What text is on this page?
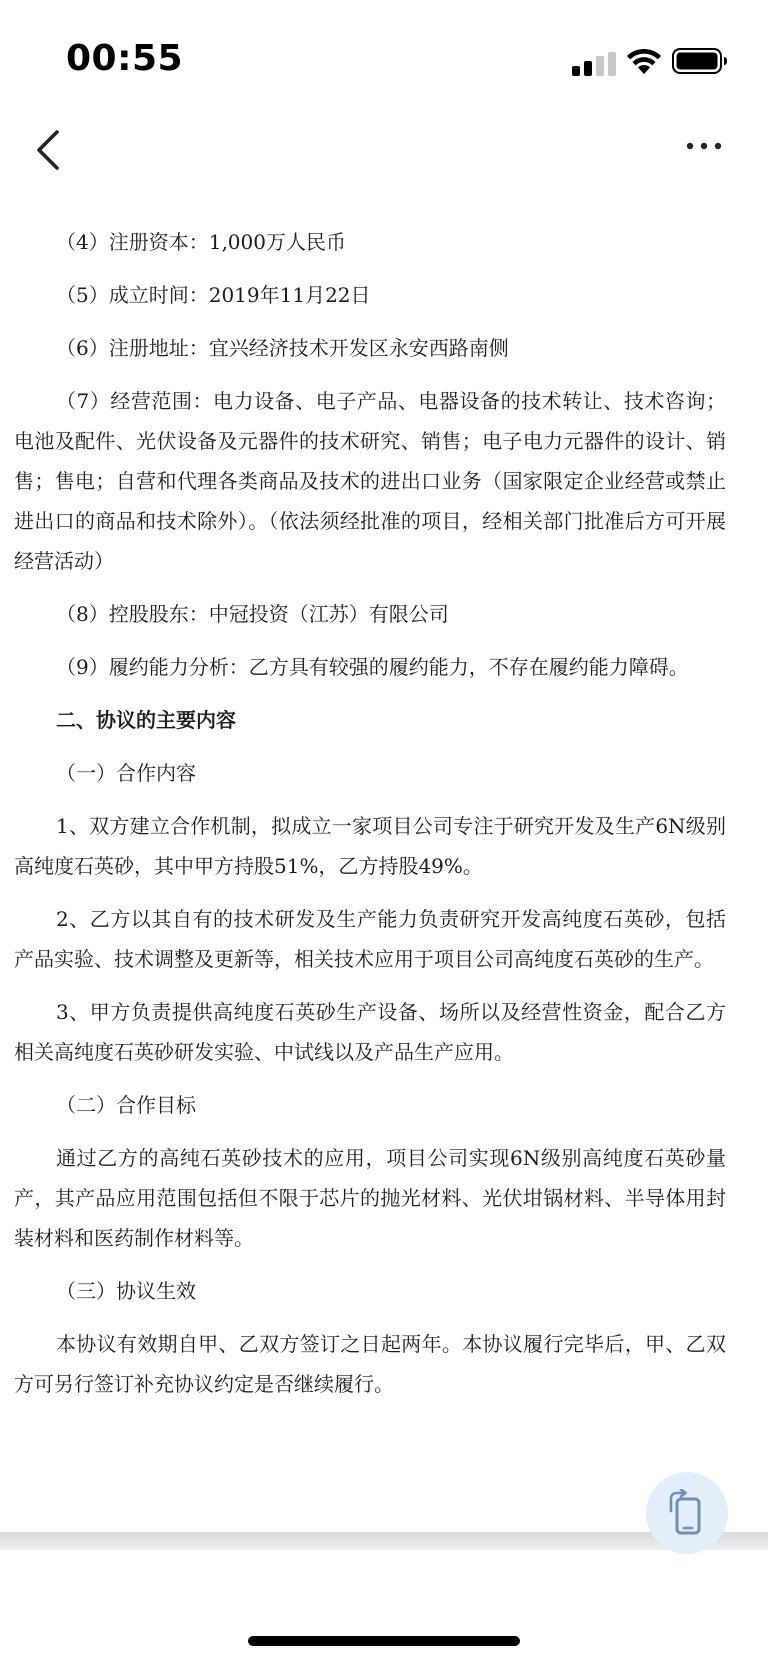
00:55

（4）注册资本：1,000万人民币

（5）成立时间：2019年11月22日

（6）注册地址：宜兴经济技术开发区永安西路南侧

（7）经营范围：电力设备、电子产品、电器设备的技术转让、技术咨询；电池及配件、光伏设备及元器件的技术研究、销售；电子电力元器件的设计、销售；售电；自营和代理各类商品及技术的进出口业务（国家限定企业经营或禁止进出口的商品和技术除外）。（依法须经批准的项目，经相关部门批准后方可开展经营活动）

（8）控股股东：中冠投资（江苏）有限公司

（9）履约能力分析：乙方具有较强的履约能力，不存在履约能力障碍。

二、协议的主要内容

（一）合作内容

1、双方建立合作机制，拟成立一家项目公司专注于研究开发及生产6N级别高纯度石英砂，其中甲方持股51%，乙方持股49%。

2、乙方以其自有的技术研发及生产能力负责研究开发高纯度石英砂，包括产品实验、技术调整及更新等，相关技术应用于项目公司高纯度石英砂的生产。

3、甲方负责提供高纯度石英砂生产设备、场所以及经营性资金，配合乙方相关高纯度石英砂研发实验、中试线以及产品生产应用。

（二）合作目标

通过乙方的高纯石英砂技术的应用，项目公司实现6N级别高纯度石英砂量产，其产品应用范围包括但不限于芯片的抛光材料、光伏坩锅材料、半导体用封装材料和医药制作材料等。

（三）协议生效

本协议有效期自甲、乙双方签订之日起两年。本协议履行完毕后，甲、乙双方可另行签订补充协议约定是否继续履行。
